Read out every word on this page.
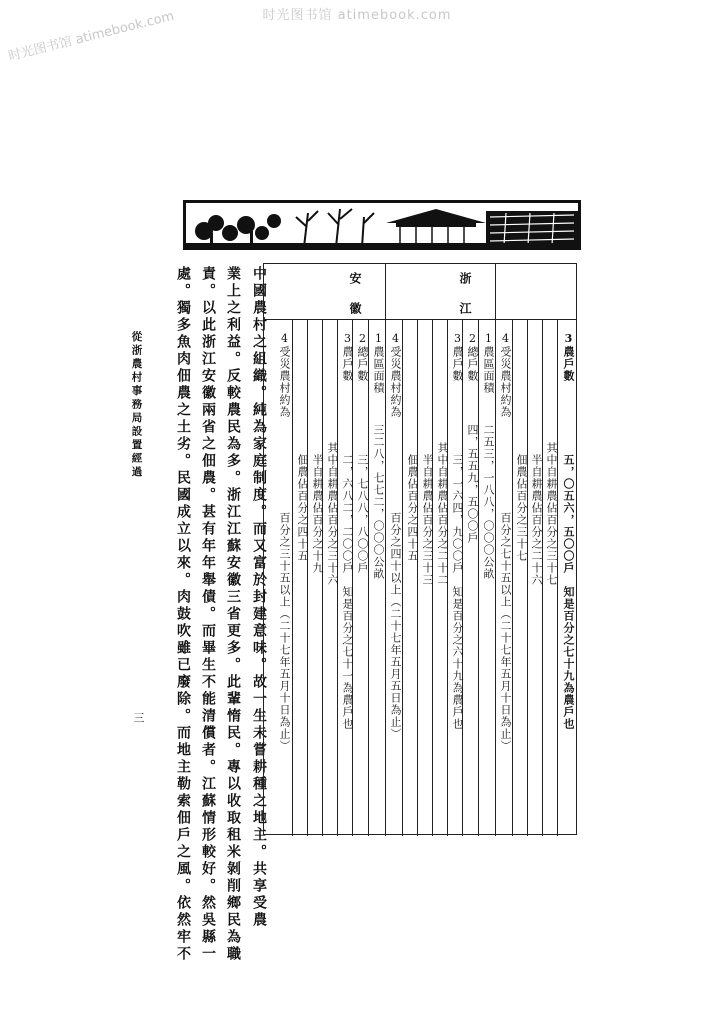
时光图书馆 atimebook.com
时光图书馆 atimebook.com
從浙農村事務局設置經過
三	中國農村之組織。純為家庭制度。而又富於封建意味。故一生未嘗耕種之地主。共享受農
業上之利益。反較農民為多。浙江江蘇安徽三省更多。此輩惰民。專以收取租米剝削鄉民為職
責。以此浙江安徽兩省之佃農。甚有年年舉債。而畢生不能清償者。江蘇情形較好。然吳縣一
處。獨多魚肉佃農之土劣。民國成立以來。肉鼓吹雖已廢除。而地主勒索佃戶之風。依然牢不	安徽	浙江
3農戶數
五，〇五六，五〇〇戶　知是百分之七十九為農戶也
其中自耕農佔百分之三十七
半自耕農佔百分之二十六
佃農佔百分之三十七
4受災農村約為
百分之七十五以上（二十七年五月十日為止）
1農區面積
二五三，一八八，〇〇〇公畝
2總戶數
四，五五九，五〇〇戶
3農戶數
三，一六四，九〇〇戶　知是百分之六十九為農戶也
其中自耕農佔百分之二十二
半自耕農佔百分之三十三
佃農佔百分之四十五
4受災農村約為
百分之四十以上（二十七年五月五日為止）
1農區面積
三二八，七七二，〇〇〇公畝
2總戶數
三，七八八，八〇〇戶
3農戶數
二，六八二，二〇〇戶　知是百分之七十一為農戶也
其中自耕農佔百分之三十六
半自耕農佔百分之十九
佃農佔百分之四十五
4受災農村約為
百分之三十五以上（二十七年五月十日為止）
